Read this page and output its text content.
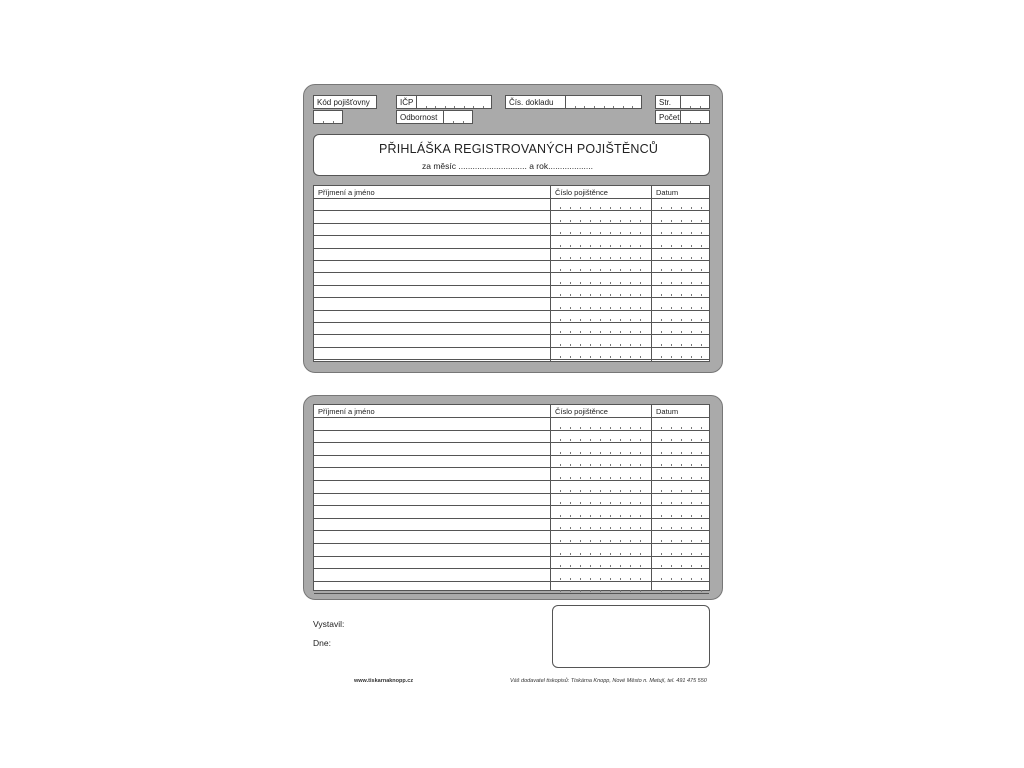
Kód pojišťovny	IČP
Odbornost
Čís. dokladu	Str.
Počet
PŘIHLÁŠKA REGISTROVANÝCH POJIŠTĚNCŮ
za měsíc ............................. a rok...................
Příjmení a jméno	Číslo pojištěnce	Datum
Příjmení a jméno	Číslo pojištěnce	Datum
Vystavil:
Dne:
www.tiskarnaknopp.cz	Váš dodavatel tiskopisů: Tiskárna Knopp, Nové Město n. Metují, tel. 491 475 550
